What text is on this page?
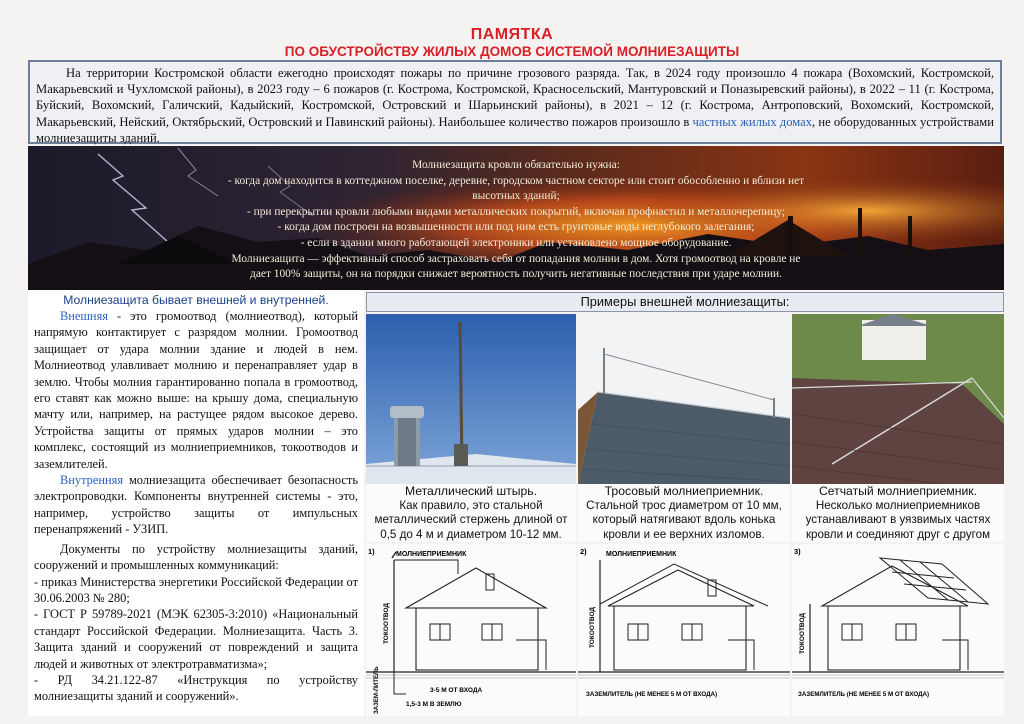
ПАМЯТКА
ПО ОБУСТРОЙСТВУ ЖИЛЫХ ДОМОВ СИСТЕМОЙ МОЛНИЕЗАЩИТЫ
На территории Костромской области ежегодно происходят пожары по причине грозового разряда. Так, в 2024 году произошло 4 пожара (Вохомский, Костромской, Макарьевский и Чухломской районы), в 2023 году – 6 пожаров (г. Кострома, Костромской, Красносельский, Мантуровский и Поназыревский районы), в 2022 – 11 (г. Кострома, Буйский, Вохомский, Галичский, Кадыйский, Костромской, Островский и Шарьинский районы), в 2021 – 12 (г. Кострома, Антроповский, Вохомский, Костромской, Макарьевский, Нейский, Октябрьский, Островский и Павинский районы). Наибольшее количество пожаров произошло в частных жилых домах, не оборудованных устройствами молниезащиты зданий.
Молниезащита кровли обязательно нужна:
- когда дом находится в коттеджном поселке, деревне, городском частном секторе или стоит обособленно и вблизи нет
высотных зданий;
- при перекрытии кровли любыми видами металлических покрытий, включая профнастил и металлочерепицу;
- когда дом построен на возвышенности или под ним есть грунтовые воды неглубокого залегания;
- если в здании много работающей электроники или установлено мощное оборудование.
Молниезащита — эффективный способ застраховать себя от попадания молнии в дом. Хотя громоотвод на кровле не
дает 100% защиты, он на порядки снижает вероятность получить негативные последствия при ударе молнии.
Молниезащита бывает внешней и внутренней.

Внешняя - это громоотвод (молниеотвод), который напрямую контактирует с разрядом молнии. Громоотвод защищает от удара молнии здание и людей в нем. Молниеотвод улавливает молнию и перенаправляет удар в землю. Чтобы молния гарантированно попала в громоотвод, его ставят как можно выше: на крышу дома, специальную мачту или, например, на растущее рядом высокое дерево. Устройства защиты от прямых ударов молнии – это комплекс, состоящий из молниеприемников, токоотводов и заземлителей.

Внутренняя молниезащита обеспечивает безопасность электропроводки. Компоненты внутренней системы - это, например, устройство защиты от импульсных перенапряжений - УЗИП.

Документы по устройству молниезащиты зданий, сооружений и промышленных коммуникаций:

- приказ Министерства энергетики Российской Федерации от 30.06.2003 № 280;

- ГОСТ Р 59789-2021 (МЭК 62305-3:2010) «Национальный стандарт Российской Федерации. Молниезащита. Часть 3. Защита зданий и сооружений от повреждений и защита людей и животных от электротравматизма»;

- РД 34.21.122-87 «Инструкция по устройству молниезащиты зданий и сооружений».

Примеры внешней молниезащиты:
Металлический штырь.
Как правило, это стальной
металлический стержень длиной от
0,5 до 4 м и диаметром 10-12 мм.
Тросовый молниеприемник.
Стальной трос диаметром от 10 мм,
который натягивают вдоль конька
кровли и ее верхних изломов.
Сетчатый молниеприемник.
Несколько молниеприемников
устанавливают в уязвимых частях
кровли и соединяют друг с другом
1)	МОЛНИЕПРИЕМНИК
ТОКООТВОД
ЗАЗЕМ-ЛИТЕЛЬ	3-5 М ОТ ВХОДА
1,5-3 М В ЗЕМЛЮ
2)	МОЛНИЕПРИЕМНИК
ТОКООТВОД
ЗАЗЕМЛИТЕЛЬ (НЕ МЕНЕЕ 5 М ОТ ВХОДА)
3)
ТОКООТВОД
ЗАЗЕМЛИТЕЛЬ (НЕ МЕНЕЕ 5 М ОТ ВХОДА)
